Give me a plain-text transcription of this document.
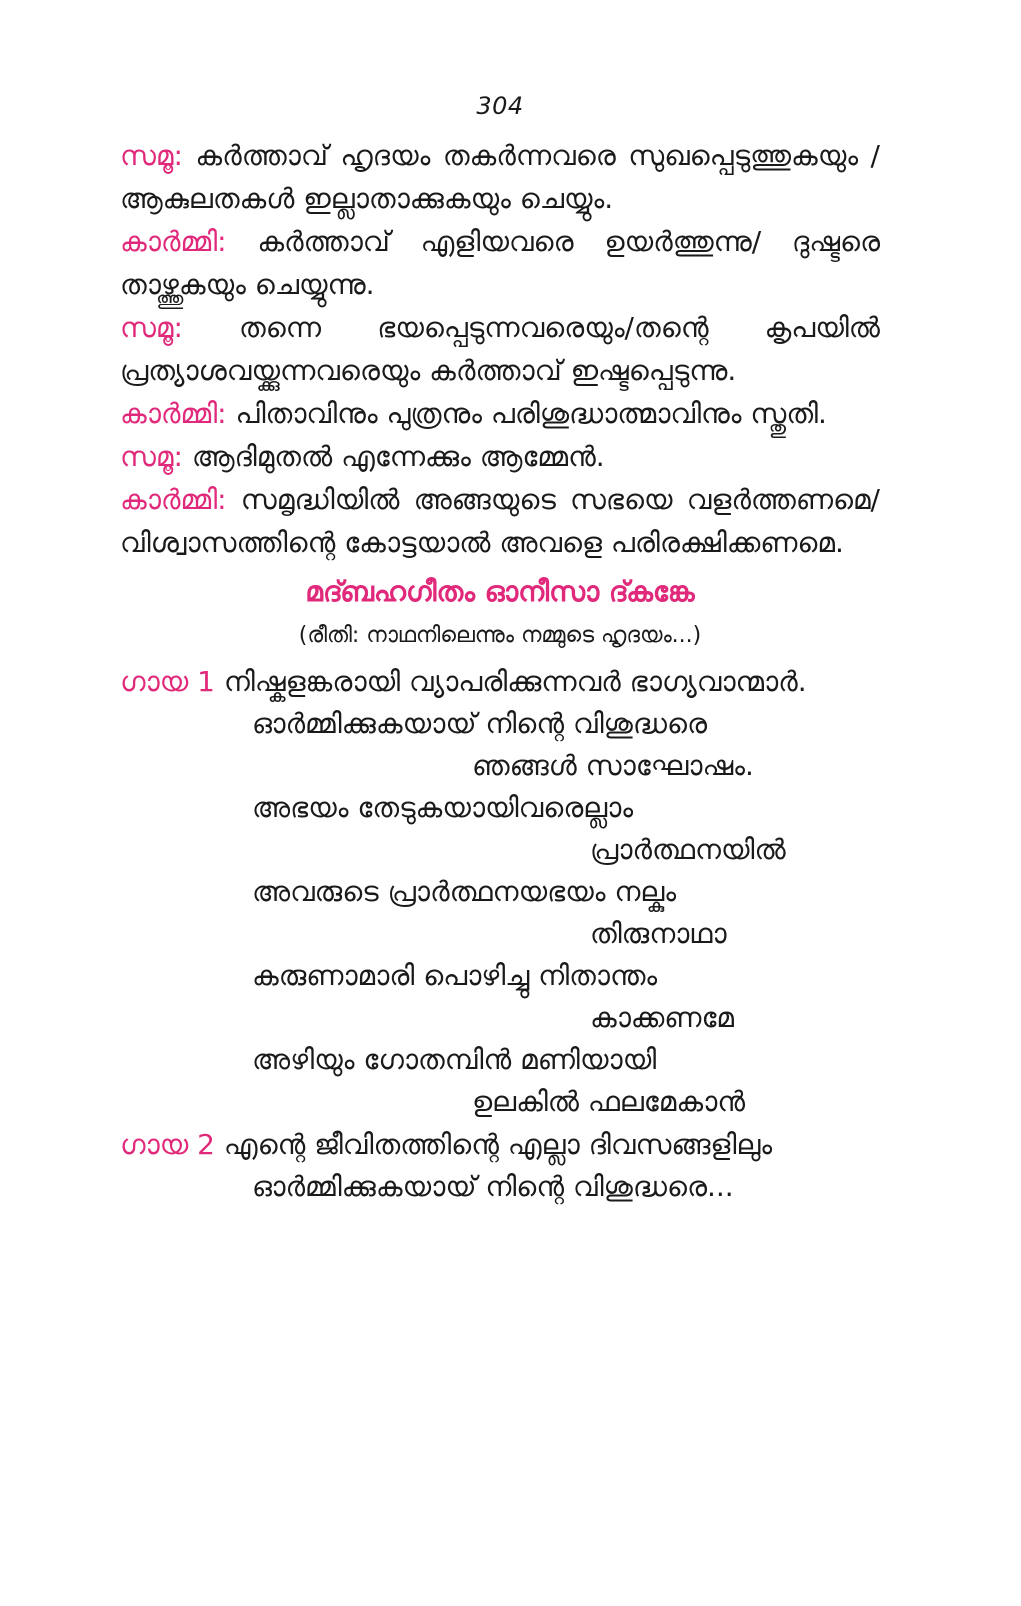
304

സമൂ: കർത്താവ് ഹൃദയം തകർന്നവരെ സുഖപ്പെടുത്തുകയും /ആകുലതകൾ ഇല്ലാതാക്കുകയും ചെയ്യും.

കാർമ്മി: കർത്താവ് എളിയവരെ ഉയർത്തുന്നു/ ദുഷ്ടരെ താഴ്ത്തുകയും ചെയ്യുന്നു.

സമൂ: തന്നെ ഭയപ്പെടുന്നവരെയും/തന്റെ കൃപയിൽ പ്രത്യാശവയ്ക്കുന്നവരെയും കർത്താവ് ഇഷ്ടപ്പെടുന്നു.

കാർമ്മി: പിതാവിനും പുത്രനും പരിശുദ്ധാത്മാവിനും സ്തുതി.

സമൂ: ആദിമുതൽ എന്നേക്കും ആമ്മേൻ.

കാർമ്മി: സമൃദ്ധിയിൽ അങ്ങയുടെ സഭയെ വളർത്തണമെ/വിശ്വാസത്തിന്റെ കോട്ടയാൽ അവളെ പരിരക്ഷിക്കണമെ.

മദ്ബഹഗീതം ഓനീസാ ദ്കങ്കേ
(രീതി: നാഥനിലെന്നും നമ്മുടെ ഹൃദയം...)

ഗായ 1 നിഷ്കളങ്കരായി വ്യാപരിക്കുന്നവർ ഭാഗ്യവാന്മാർ.

ഓർമ്മിക്കുകയായ് നിന്റെ വിശുദ്ധരെ

ഞങ്ങൾ സാഘോഷം.

അഭയം തേടുകയായിവരെല്ലാം

പ്രാർത്ഥനയിൽ

അവരുടെ പ്രാർത്ഥനയഭയം നല്കും

തിരുനാഥാ

കരുണാമാരി പൊഴിച്ചു നിതാന്തം

കാക്കണമേ

അഴിയും ഗോതമ്പിൻ മണിയായി

ഉലകിൽ ഫലമേകാൻ

ഗായ 2 എന്റെ ജീവിതത്തിന്റെ എല്ലാ ദിവസങ്ങളിലും

ഓർമ്മിക്കുകയായ് നിന്റെ വിശുദ്ധരെ...
